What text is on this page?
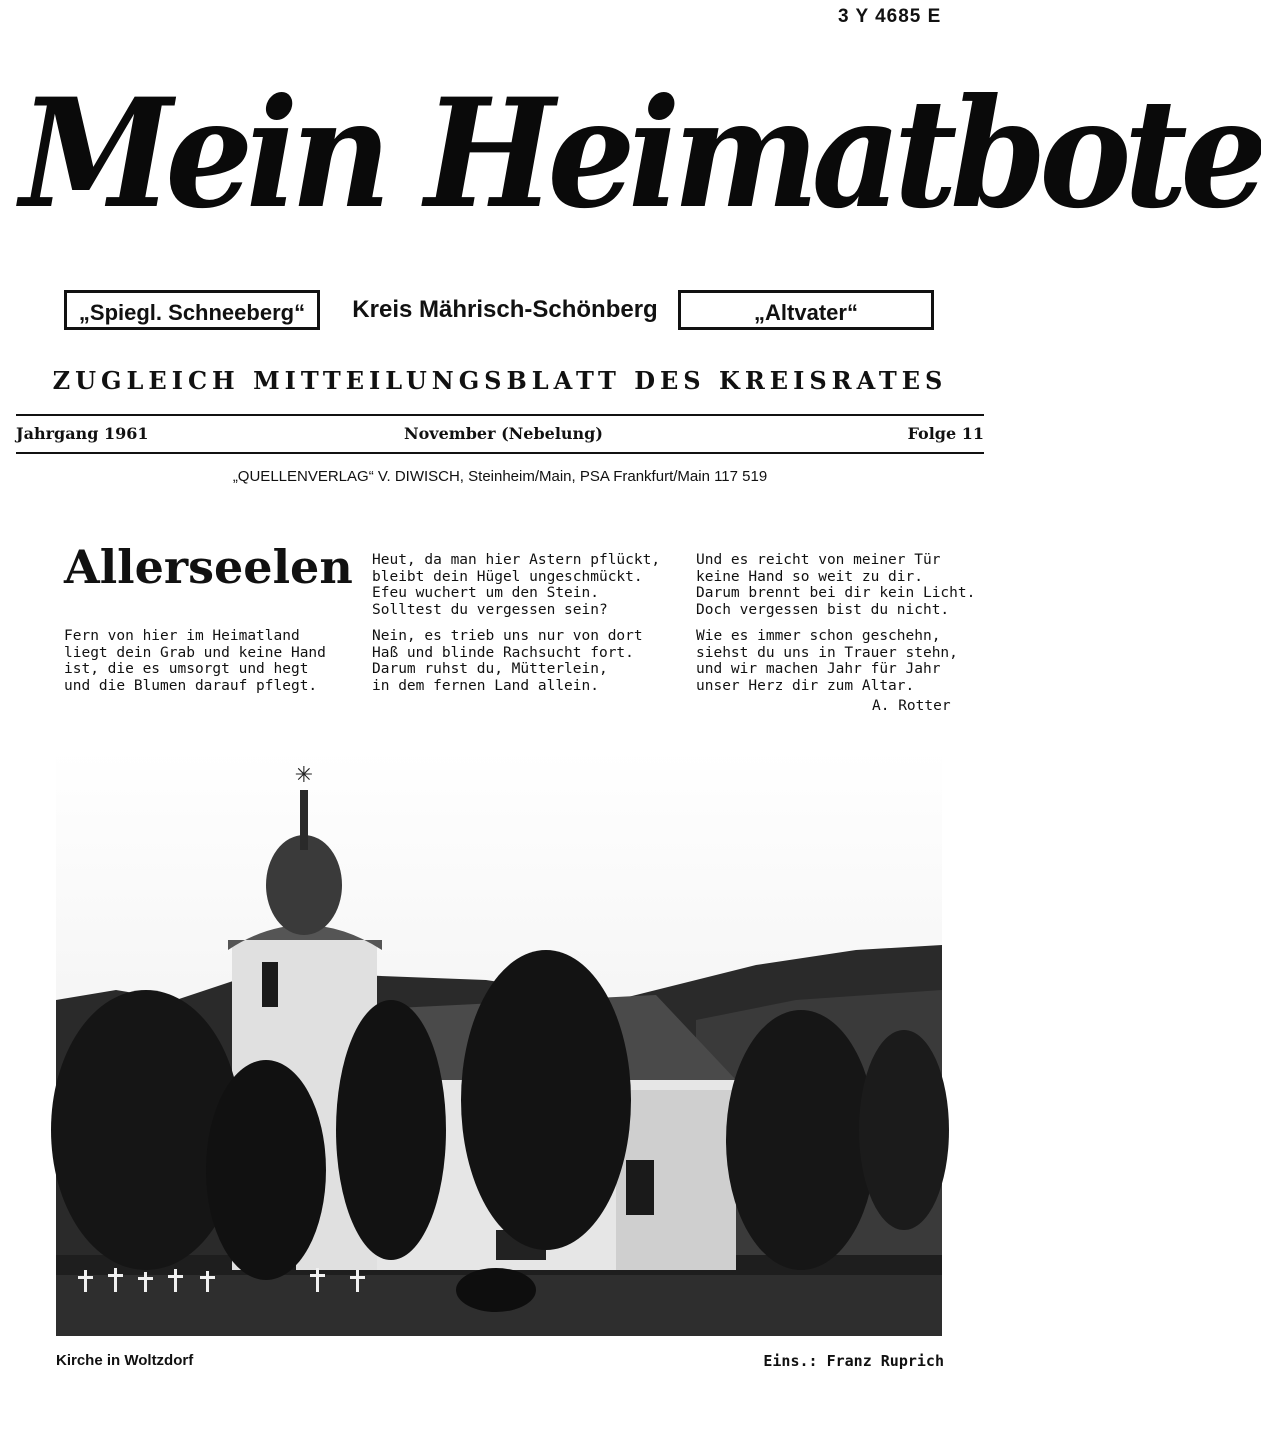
3 Y 4685 E
Mein Heimatbote
„Spiegl. Schneeberg“	Kreis Mährisch-Schönberg	„Altvater“
ZUGLEICH MITTEILUNGSBLATT DES KREISRATES
Jahrgang 1961	November (Nebelung)	Folge 11
„QUELLENVERLAG“ V. DIWISCH, Steinheim/Main, PSA Frankfurt/Main 117 519
Allerseelen
Fern von hier im Heimatland
liegt dein Grab und keine Hand
ist, die es umsorgt und hegt
und die Blumen darauf pflegt.
Heut, da man hier Astern pflückt,
bleibt dein Hügel ungeschmückt.
Efeu wuchert um den Stein.
Solltest du vergessen sein?
Nein, es trieb uns nur von dort
Haß und blinde Rachsucht fort.
Darum ruhst du, Mütterlein,
in dem fernen Land allein.
Und es reicht von meiner Tür
keine Hand so weit zu dir.
Darum brennt bei dir kein Licht.
Doch vergessen bist du nicht.
Wie es immer schon geschehn,
siehst du uns in Trauer stehn,
und wir machen Jahr für Jahr
unser Herz dir zum Altar.
A. Rotter
✳
Kirche in Woltzdorf	Eins.: Franz Ruprich
